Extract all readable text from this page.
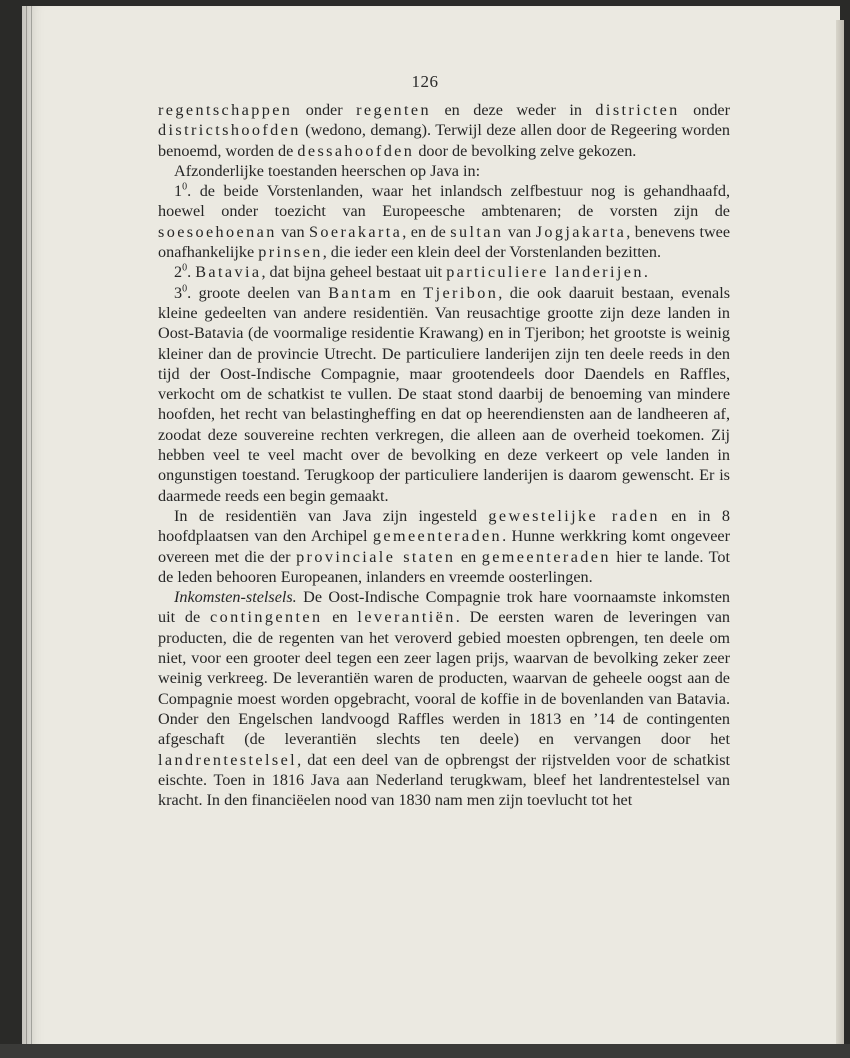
126

regentschappen onder regenten en deze weder in districten onder districtshoofden (wedono, demang). Terwijl deze allen door de Regeering worden benoemd, worden de dessahoofden door de bevolking zelve gekozen.

Afzonderlijke toestanden heerschen op Java in:

$1^0$. de beide Vorstenlanden, waar het inlandsch zelfbestuur nog is gehandhaafd, hoewel onder toezicht van Europeesche ambtenaren; de vorsten zijn de soesoehoenan van Soerakarta, en de sultan van Jogjakarta, benevens twee onafhankelijke prinsen, die ieder een klein deel der Vorstenlanden bezitten.

$2^0$. Batavia, dat bijna geheel bestaat uit particuliere landerijen.

$3^0$. groote deelen van Bantam en Tjeribon, die ook daaruit bestaan, evenals kleine gedeelten van andere residentiën. Van reusachtige grootte zijn deze landen in Oost-Batavia (de voormalige residentie Krawang) en in Tjeribon; het grootste is weinig kleiner dan de provincie Utrecht. De particuliere landerijen zijn ten deele reeds in den tijd der Oost-Indische Compagnie, maar grootendeels door Daendels en Raffles, verkocht om de schatkist te vullen. De staat stond daarbij de benoeming van mindere hoofden, het recht van belastingheffing en dat op heerendiensten aan de landheeren af, zoodat deze souvereine rechten verkregen, die alleen aan de overheid toekomen. Zij hebben veel te veel macht over de bevolking en deze verkeert op vele landen in ongunstigen toestand. Terugkoop der particuliere landerijen is daarom gewenscht. Er is daarmede reeds een begin gemaakt.

In de residentiën van Java zijn ingesteld gewestelijke raden en in 8 hoofdplaatsen van den Archipel gemeenteraden. Hunne werkkring komt ongeveer overeen met die der provinciale staten en gemeenteraden hier te lande. Tot de leden behooren Europeanen, inlanders en vreemde oosterlingen.

Inkomsten-stelsels. De Oost-Indische Compagnie trok hare voornaamste inkomsten uit de contingenten en leverantiën. De eersten waren de leveringen van producten, die de regenten van het veroverd gebied moesten opbrengen, ten deele om niet, voor een grooter deel tegen een zeer lagen prijs, waarvan de bevolking zeker zeer weinig verkreeg. De leverantiën waren de producten, waarvan de geheele oogst aan de Compagnie moest worden opgebracht, vooral de koffie in de bovenlanden van Batavia. Onder den Engelschen landvoogd Raffles werden in 1813 en ’14 de contingenten afgeschaft (de leverantiën slechts ten deele) en vervangen door het landrentestelsel, dat een deel van de opbrengst der rijstvelden voor de schatkist eischte. Toen in 1816 Java aan Nederland terugkwam, bleef het landrentestelsel van kracht. In den financiëelen nood van 1830 nam men zijn toevlucht tot het
